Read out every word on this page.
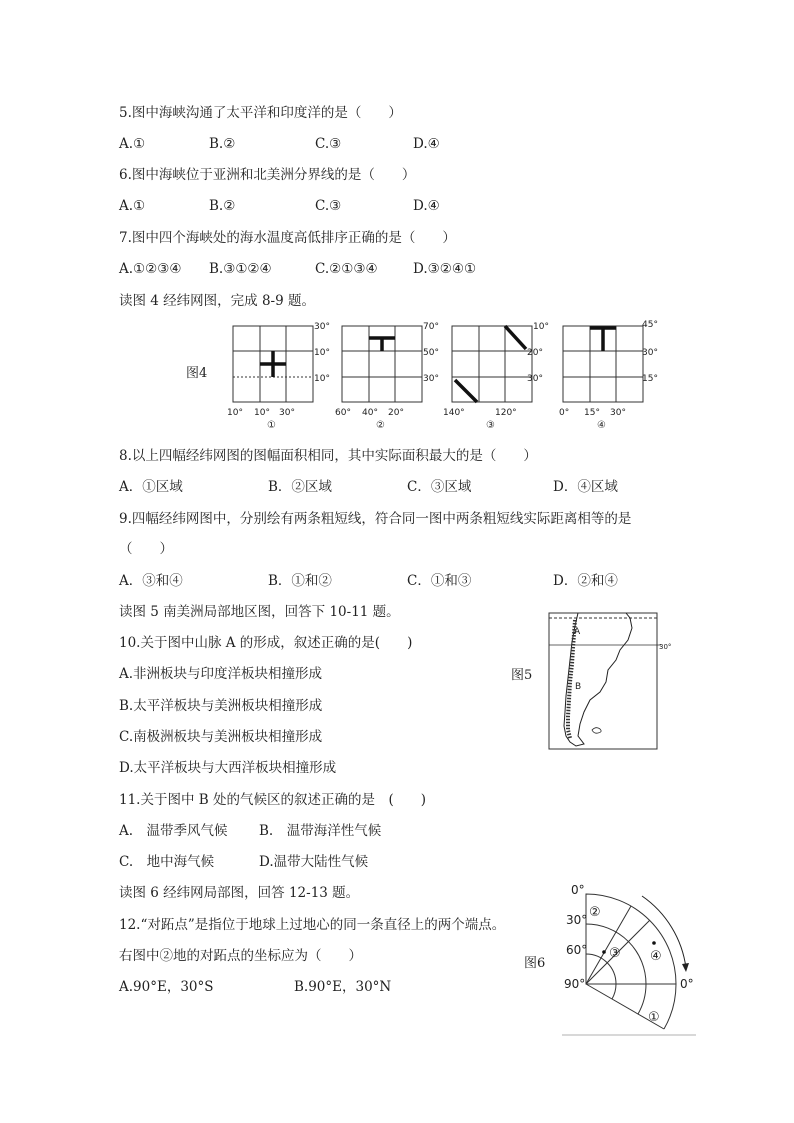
5.图中海峡沟通了太平洋和印度洋的是（　　）
A.①	B.②	C.③	D.④
6.图中海峡位于亚洲和北美洲分界线的是（　　）
A.①	B.②	C.③	D.④
7.图中四个海峡处的海水温度高低排序正确的是（　　）
A.①②③④ B.③①②④	C.②①③④	D.③②④①
读图 4 经纬网图，完成 8-9 题。
图4
30°
10°
10°
10° 10° 30°
70°
50°
30°
60° 40° 20°
10°
20°
30°
140°	120°
45°
30°
15°
0° 15° 30°
①	②	③	④
8.以上四幅经纬网图的图幅面积相同，其中实际面积最大的是（　　）
A．①区域	B．②区域	C．③区域	D．④区域
9.四幅经纬网图中，分别绘有两条粗短线，符合同一图中两条粗短线实际距离相等的是
（　　）
A．③和④	B．①和②	C．①和③	D．②和④
读图 5 南美洲局部地区图，回答下 10-11 题。
10.关于图中山脉 A 的形成，叙述正确的是(　　)
A.非洲板块与印度洋板块相撞形成
B.太平洋板块与美洲板块相撞形成
C.南极洲板块与美洲板块相撞形成
D.太平洋板块与大西洋板块相撞形成
图5
A
B
30°
11.关于图中 B 处的气候区的叙述正确的是　(　　)
A.　温带季风气候 B.　温带海洋性气候
C.　地中海气候	D.温带大陆性气候
读图 6 经纬网局部图，回答 12-13 题。
12.“对跖点”是指位于地球上过地心的同一条直径上的两个端点。
右图中②地的对跖点的坐标应为（　　）
A.90°E，30°S	B.90°E，30°N
图6
0°
30°
60°
90°	0°
②
③ ④
①
